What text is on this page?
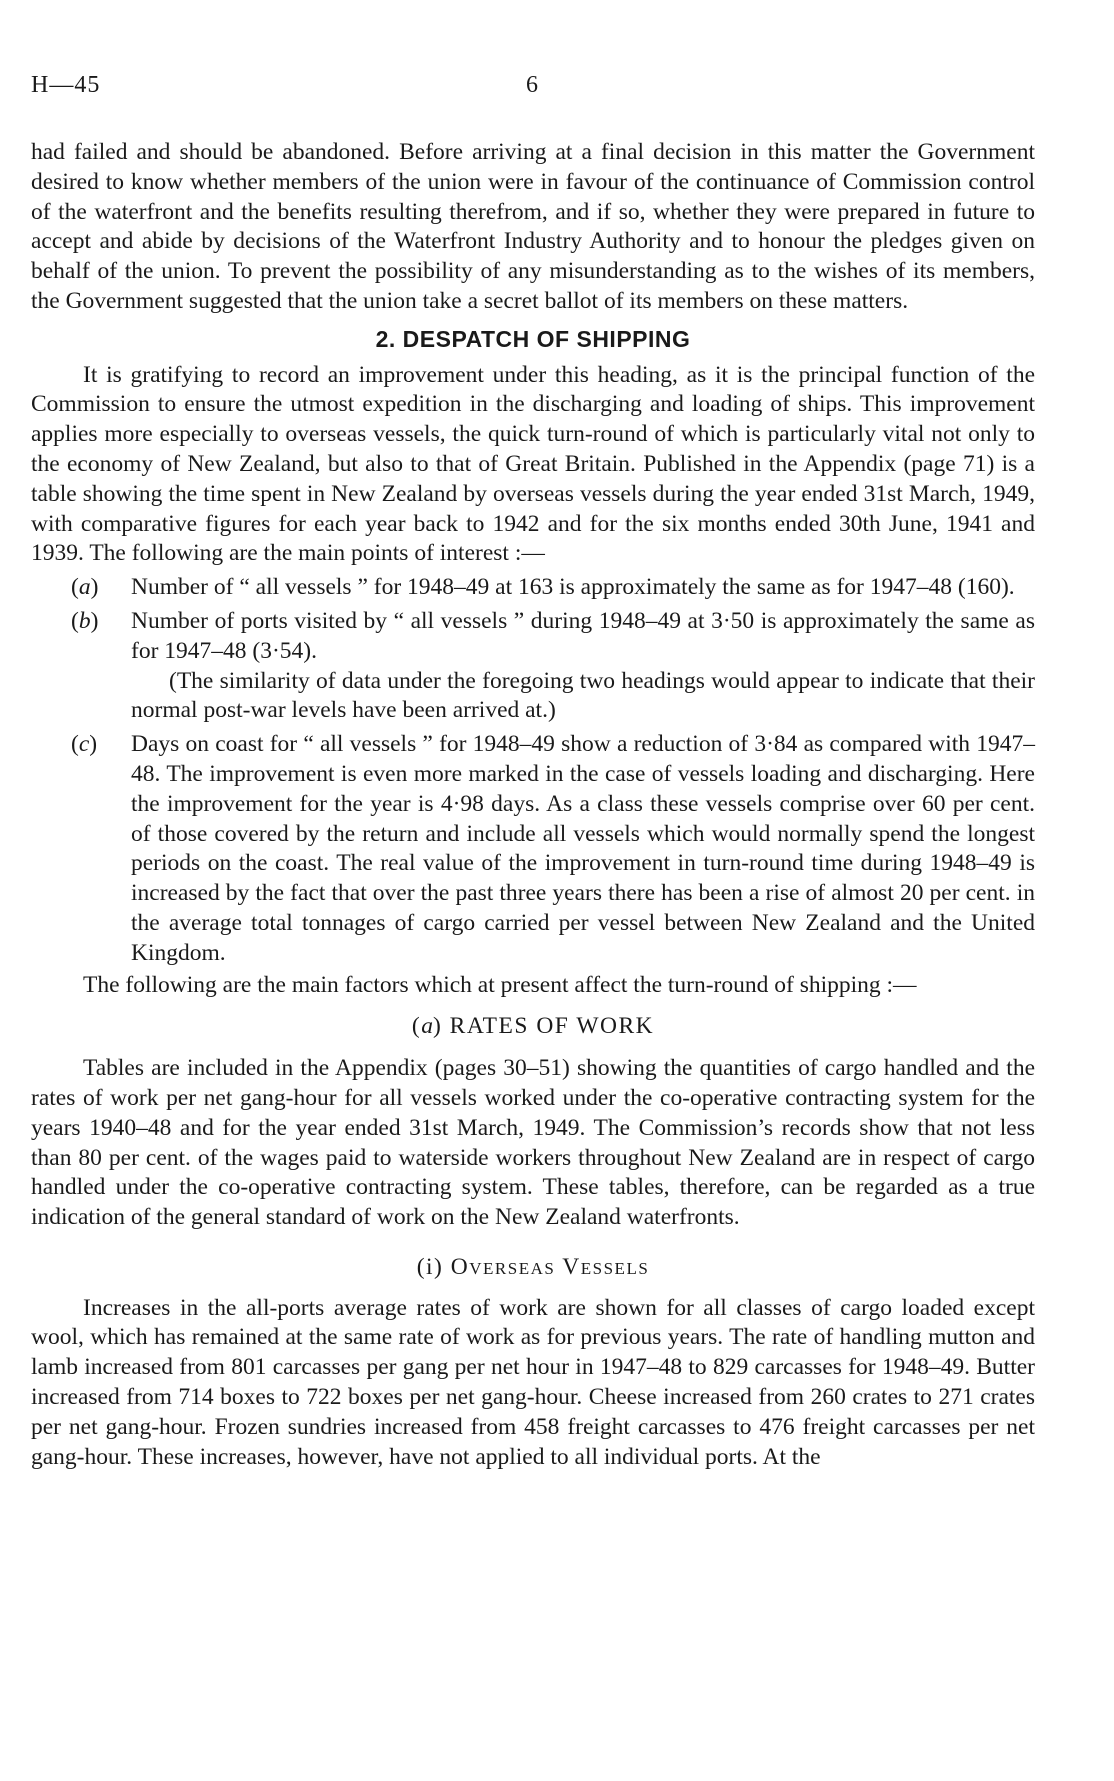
H—45	6

had failed and should be abandoned. Before arriving at a final decision in this matter the Government desired to know whether members of the union were in favour of the continuance of Commission control of the waterfront and the benefits resulting therefrom, and if so, whether they were prepared in future to accept and abide by decisions of the Waterfront Industry Authority and to honour the pledges given on behalf of the union. To prevent the possibility of any misunderstanding as to the wishes of its members, the Government suggested that the union take a secret ballot of its members on these matters.

2. DESPATCH OF SHIPPING

It is gratifying to record an improvement under this heading, as it is the principal function of the Commission to ensure the utmost expedition in the discharging and loading of ships. This improvement applies more especially to overseas vessels, the quick turn-round of which is particularly vital not only to the economy of New Zealand, but also to that of Great Britain. Published in the Appendix (page 71) is a table showing the time spent in New Zealand by overseas vessels during the year ended 31st March, 1949, with comparative figures for each year back to 1942 and for the six months ended 30th June, 1941 and 1939. The following are the main points of interest :—

(a)	Number of “ all vessels ” for 1948–49 at 163 is approximately the same as for 1947–48 (160).
(b)	Number of ports visited by “ all vessels ” during 1948–49 at 3·50 is approximately the same as for 1947–48 (3·54).

(The similarity of data under the foregoing two headings would appear to indicate that their normal post-war levels have been arrived at.)

(c)	Days on coast for “ all vessels ” for 1948–49 show a reduction of 3·84 as compared with 1947–48. The improvement is even more marked in the case of vessels loading and discharging. Here the improvement for the year is 4·98 days. As a class these vessels comprise over 60 per cent. of those covered by the return and include all vessels which would normally spend the longest periods on the coast. The real value of the improvement in turn-round time during 1948–49 is increased by the fact that over the past three years there has been a rise of almost 20 per cent. in the average total tonnages of cargo carried per vessel between New Zealand and the United Kingdom.

The following are the main factors which at present affect the turn-round of shipping :—

(a) RATES OF WORK

Tables are included in the Appendix (pages 30–51) showing the quantities of cargo handled and the rates of work per net gang-hour for all vessels worked under the co-operative contracting system for the years 1940–48 and for the year ended 31st March, 1949. The Commission’s records show that not less than 80 per cent. of the wages paid to waterside workers throughout New Zealand are in respect of cargo handled under the co-operative contracting system. These tables, therefore, can be regarded as a true indication of the general standard of work on the New Zealand waterfronts.

(i) OVERSEAS VESSELS

Increases in the all-ports average rates of work are shown for all classes of cargo loaded except wool, which has remained at the same rate of work as for previous years. The rate of handling mutton and lamb increased from 801 carcasses per gang per net hour in 1947–48 to 829 carcasses for 1948–49. Butter increased from 714 boxes to 722 boxes per net gang-hour. Cheese increased from 260 crates to 271 crates per net gang-hour. Frozen sundries increased from 458 freight carcasses to 476 freight carcasses per net gang-hour. These increases, however, have not applied to all individual ports. At the
